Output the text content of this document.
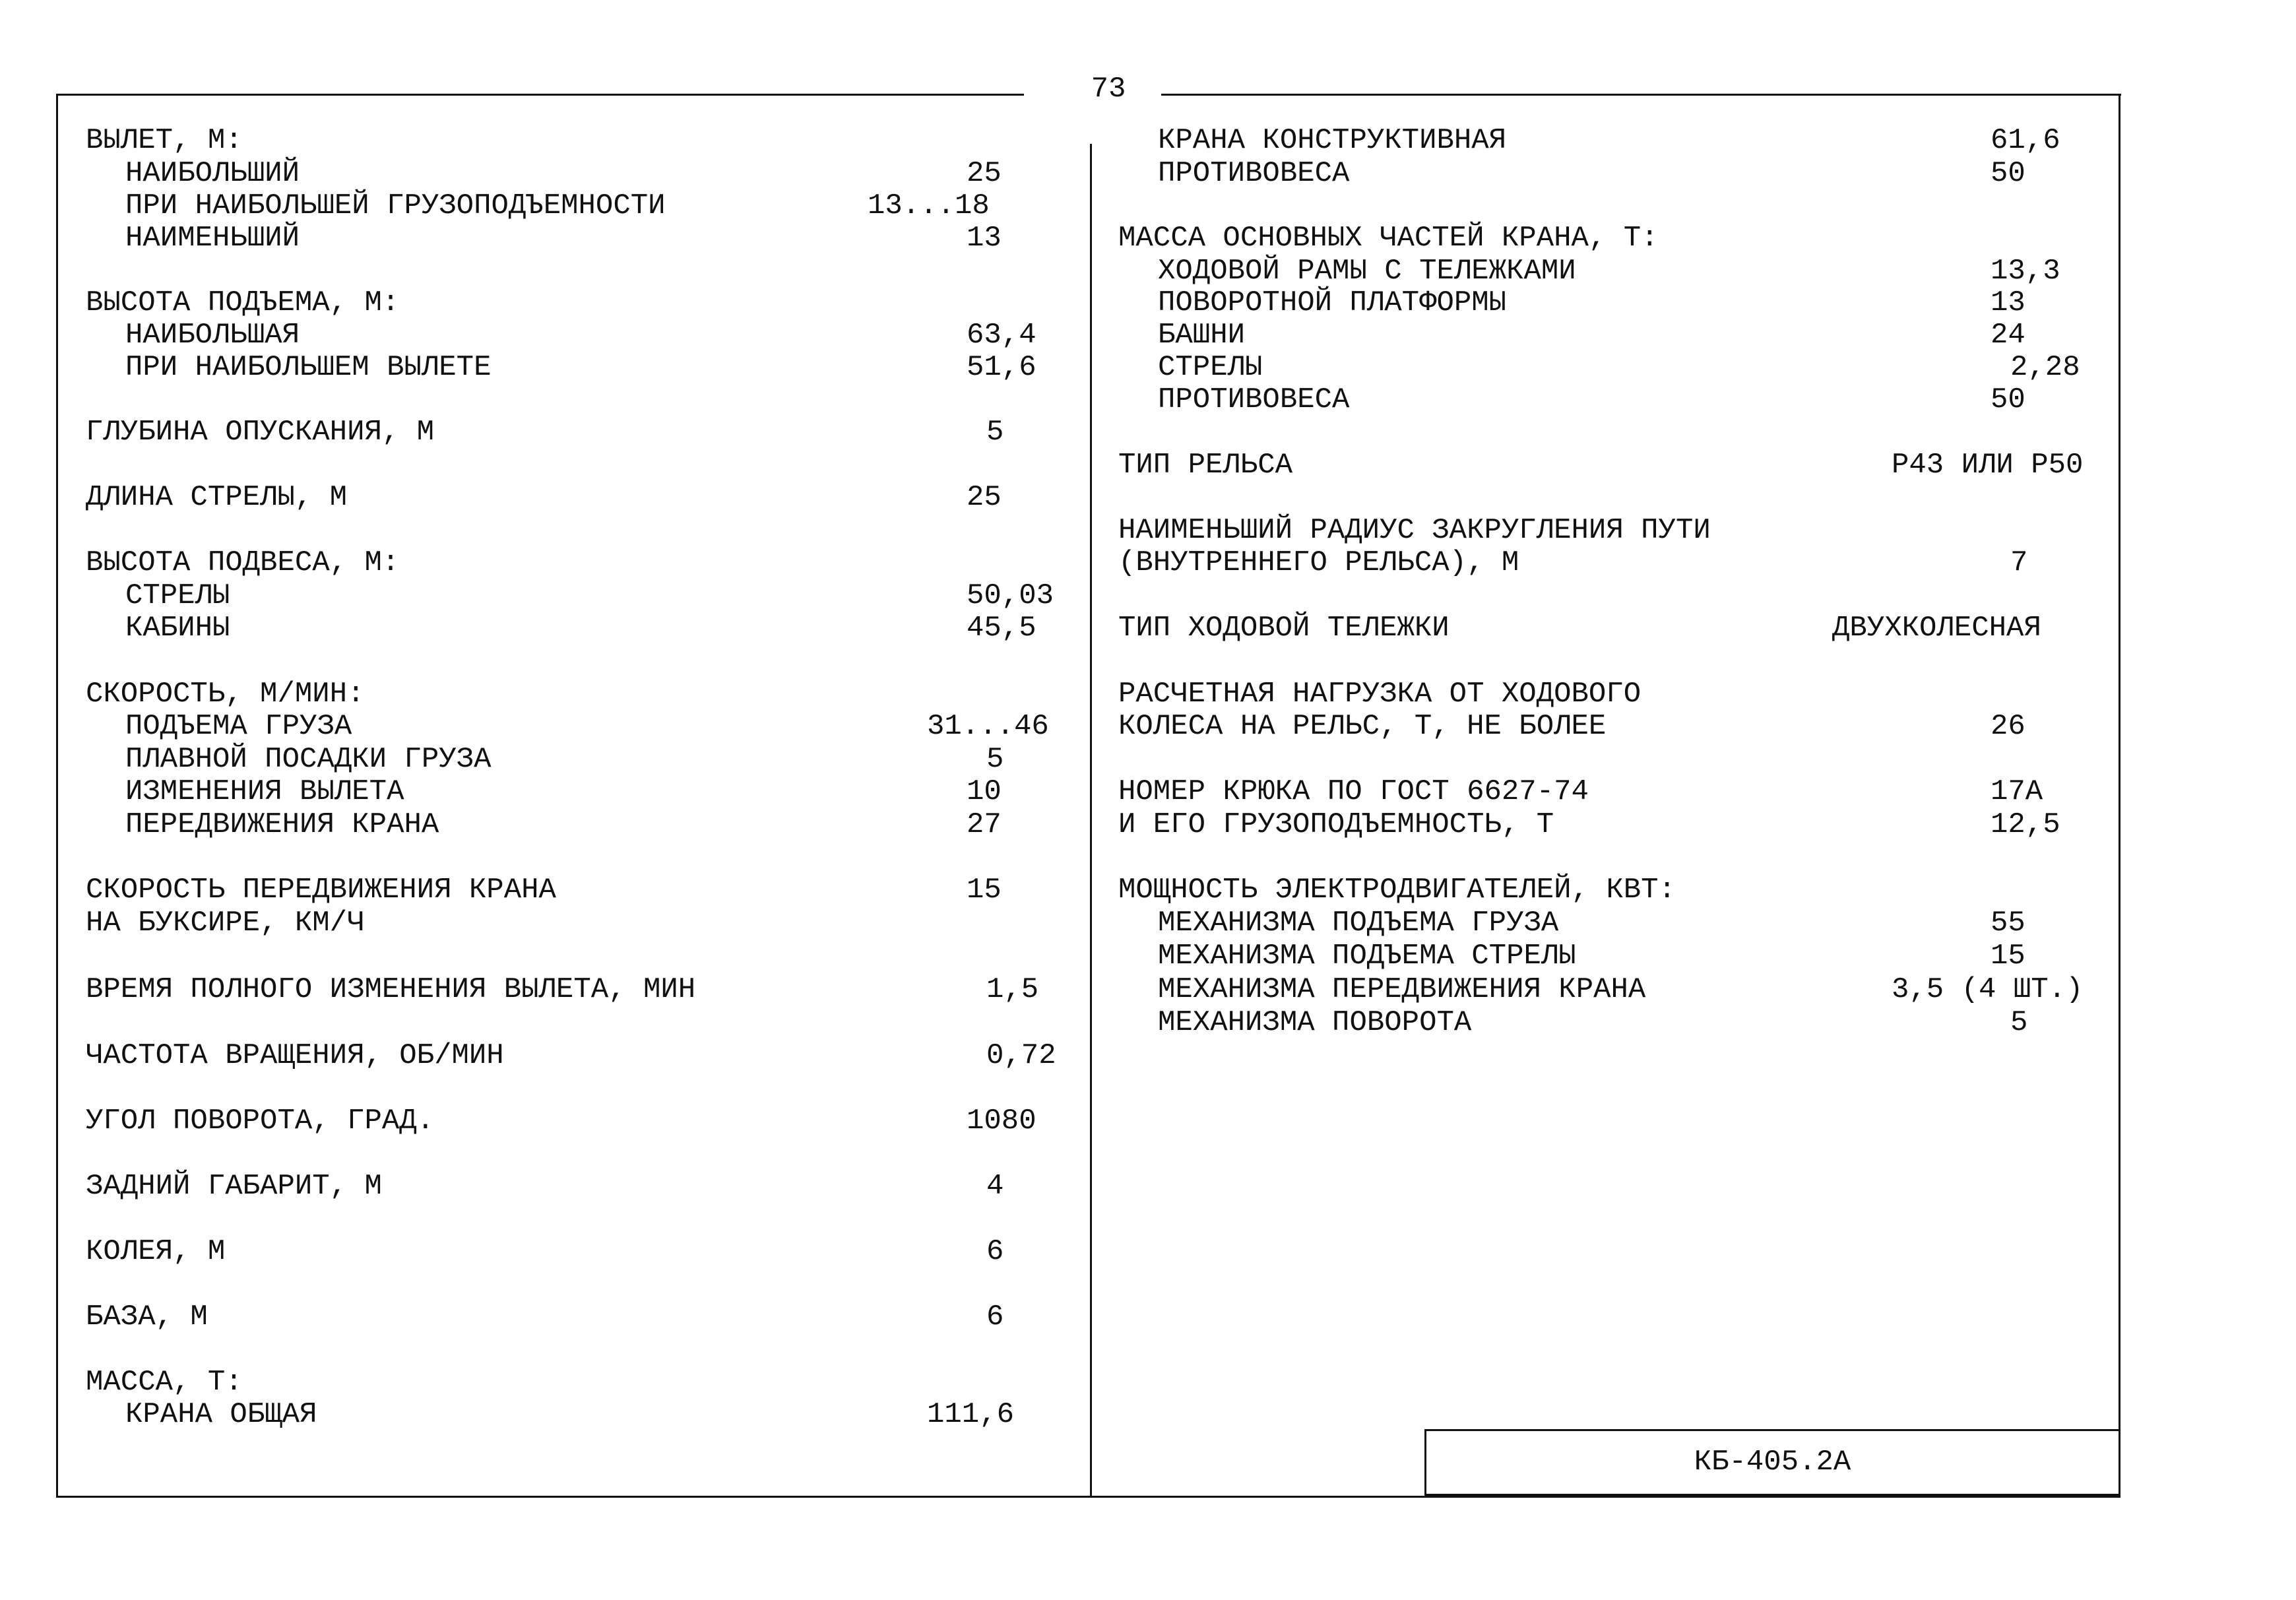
73
ВЫЛЕТ, М:
НАИБОЛЬШИЙ	25
ПРИ НАИБОЛЬШЕЙ ГРУЗОПОДЪЕМНОСТИ	13...18
НАИМЕНЬШИЙ	13
ВЫСОТА ПОДЪЕМА, М:
НАИБОЛЬШАЯ	63,4
ПРИ НАИБОЛЬШЕМ ВЫЛЕТЕ	51,6
ГЛУБИНА ОПУСКАНИЯ, М	5
ДЛИНА СТРЕЛЫ, М	25
ВЫСОТА ПОДВЕСА, М:
СТРЕЛЫ	50,03
КАБИНЫ	45,5
СКОРОСТЬ, М/МИН:
ПОДЪЕМА ГРУЗА	31...46
ПЛАВНОЙ ПОСАДКИ ГРУЗА	5
ИЗМЕНЕНИЯ ВЫЛЕТА	10
ПЕРЕДВИЖЕНИЯ КРАНА	27
СКОРОСТЬ ПЕРЕДВИЖЕНИЯ КРАНА	15
НА БУКСИРЕ, КМ/Ч
ВРЕМЯ ПОЛНОГО ИЗМЕНЕНИЯ ВЫЛЕТА, МИН	1,5
ЧАСТОТА ВРАЩЕНИЯ, ОБ/МИН	0,72
УГОЛ ПОВОРОТА, ГРАД.	1080
ЗАДНИЙ ГАБАРИТ, М	4
КОЛЕЯ, М	6
БАЗА, М	6
МАССА, Т:
КРАНА ОБЩАЯ	111,6
КРАНА КОНСТРУКТИВНАЯ	61,6
ПРОТИВОВЕСА	50
МАССА ОСНОВНЫХ ЧАСТЕЙ КРАНА, Т:
ХОДОВОЙ РАМЫ С ТЕЛЕЖКАМИ	13,3
ПОВОРОТНОЙ ПЛАТФОРМЫ	13
БАШНИ	24
СТРЕЛЫ	2,28
ПРОТИВОВЕСА	50
ТИП РЕЛЬСА	Р43 ИЛИ Р50
НАИМЕНЬШИЙ РАДИУС ЗАКРУГЛЕНИЯ ПУТИ
(ВНУТРЕННЕГО РЕЛЬСА), М	7
ТИП ХОДОВОЙ ТЕЛЕЖКИ	ДВУХКОЛЕСНАЯ
РАСЧЕТНАЯ НАГРУЗКА ОТ ХОДОВОГО
КОЛЕСА НА РЕЛЬС, Т, НЕ БОЛЕЕ	26
НОМЕР КРЮКА ПО ГОСТ 6627-74	17А
И ЕГО ГРУЗОПОДЪЕМНОСТЬ, Т	12,5
МОЩНОСТЬ ЭЛЕКТРОДВИГАТЕЛЕЙ, КВТ:
МЕХАНИЗМА ПОДЪЕМА ГРУЗА	55
МЕХАНИЗМА ПОДЪЕМА СТРЕЛЫ	15
МЕХАНИЗМА ПЕРЕДВИЖЕНИЯ КРАНА	3,5 (4 ШТ.)
МЕХАНИЗМА ПОВОРОТА	5
КБ-405.2А
